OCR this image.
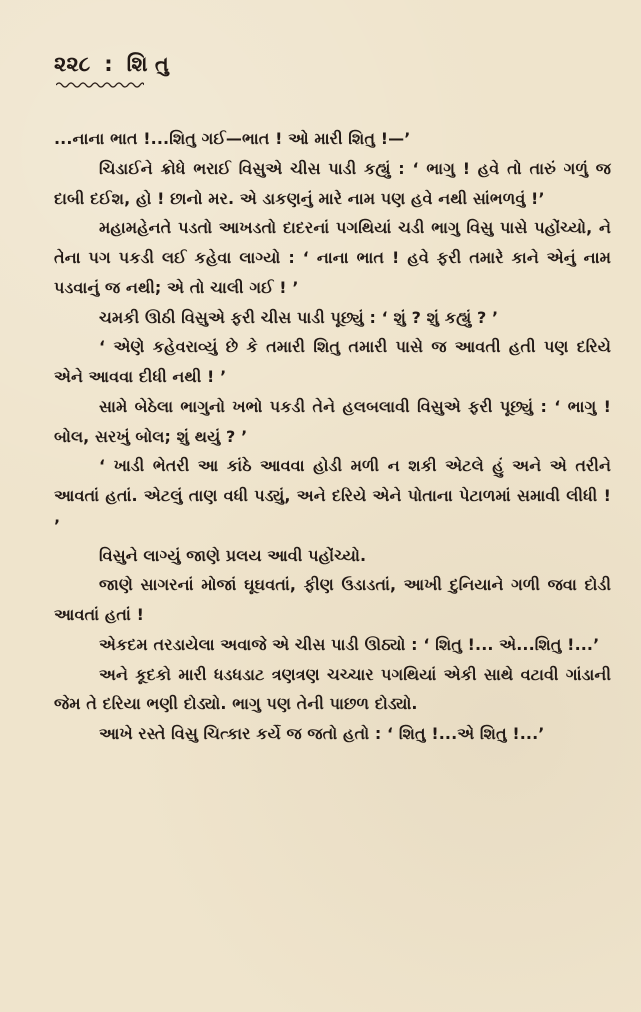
૨૨૮ : શિ તુ

...નાના ભાત !...શિતુ ગઈ—ભાત ! ઓ મારી શિતુ !—’

ચિડાઈને ક્રોધે ભરાઈ વિસુએ ચીસ પાડી કહ્યું : ‘ ભાગુ ! હવે તો તારું ગળું જ દાબી દઈશ, હો ! છાનો મર. એ ડાકણનું મારે નામ પણ હવે નથી સાંભળવું !’

મહામહેનતે પડતો આખડતો દાદરનાં પગથિયાં ચડી ભાગુ વિસુ પાસે પહોંચ્યો, ને તેના પગ પકડી લઈ કહેવા લાગ્યો : ‘ નાના ભાત ! હવે ફરી તમારે કાને એનું નામ પડવાનું જ નથી; એ તો ચાલી ગઈ ! ’

ચમકી ઊઠી વિસુએ ફરી ચીસ પાડી પૂછ્યું : ‘ શું ? શું કહ્યું ? ’

‘ એણે કહેવરાવ્યું છે કે તમારી શિતુ તમારી પાસે જ આવતી હતી પણ દરિયે એને આવવા દીધી નથી ! ’

સામે બેઠેલા ભાગુનો ખભો પકડી તેને હલબલાવી વિસુએ ફરી પૂછ્યું : ‘ ભાગુ ! બોલ, સરખું બોલ; શું થયું ? ’

‘ ખાડી ભેતરી આ કાંઠે આવવા હોડી મળી ન શકી એટલે હું અને એ તરીને આવતાં હતાં. એટલું તાણ વધી પડ્યું, અને દરિયે એને પોતાના પેટાળમાં સમાવી લીધી ! ’

વિસુને લાગ્યું જાણે પ્રલય આવી પહોંચ્યો.

જાણે સાગરનાં મોજાં ઘૂઘવતાં, ફીણ ઉડાડતાં, આખી દુનિયાને ગળી જવા દોડી આવતાં હતાં !

એકદમ તરડાયેલા અવાજે એ ચીસ પાડી ઊઠ્યો : ‘ શિતુ !... એ...શિતુ !...’

અને કૂદકો મારી ધડધડાટ ત્રણત્રણ ચચ્ચાર પગથિયાં એકી સાથે વટાવી ગાંડાની જેમ તે દરિયા ભણી દોડ્યો. ભાગુ પણ તેની પાછળ દોડ્યો.

આખે રસ્તે વિસુ ચિત્કાર કર્યે જ જતો હતો : ‘ શિતુ !...એ શિતુ !...’
